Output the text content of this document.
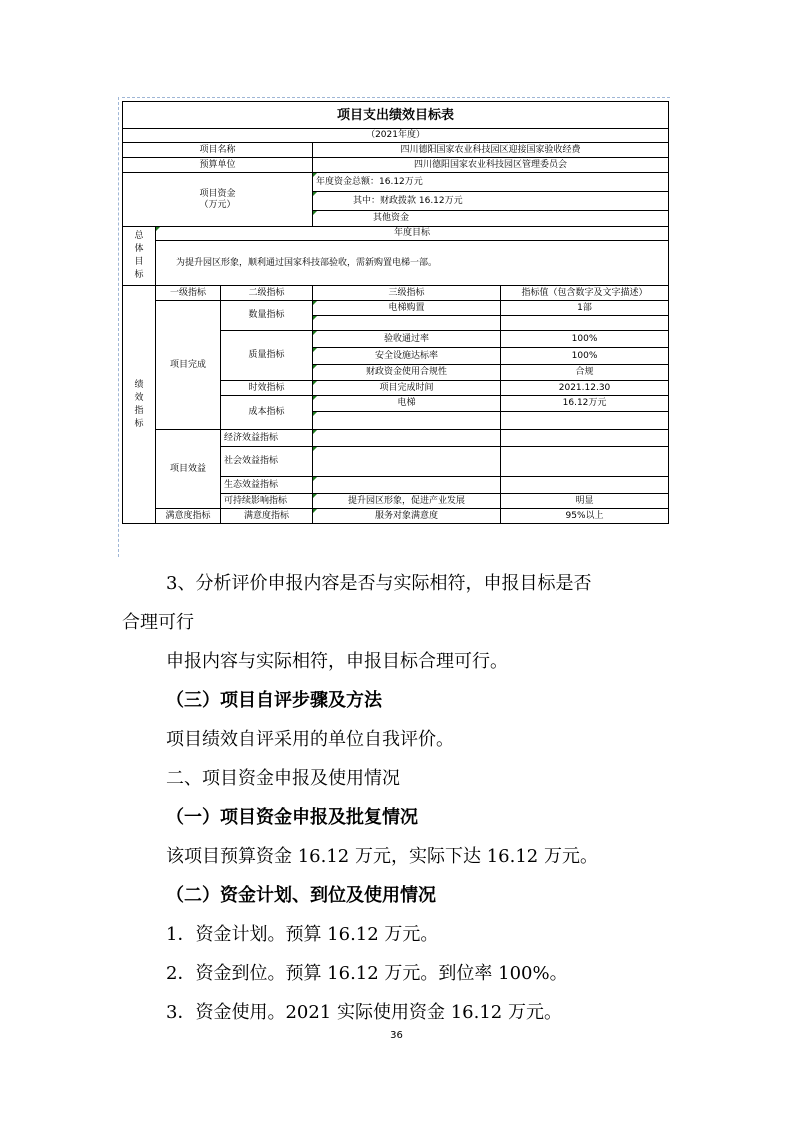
项目支出绩效目标表				
（2021年度）				
项目名称			四川德阳国家农业科技园区迎接国家验收经费	
预算单位			四川德阳国家农业科技园区管理委员会	

项目资金
（万元）			年度资金总额：16.12万元	
			其中：财政拨款 16.12万元	
			其他资金	

总
体
目
标	年度目标			
	为提升园区形象，顺利通过国家科技部验收，需新购置电梯一部。			

绩
效
指
标	一级指标	二级指标	三级指标	指标值（包含数字及文字描述）
	项目完成	数量指标	电梯购置	1部

		质量指标	验收通过率	100%
			安全设施达标率	100%
			财政资金使用合规性	合规
		时效指标	项目完成时间	2021.12.30
		成本指标	电梯	16.12万元

	项目效益	经济效益指标		
		社会效益指标		
		生态效益指标		
		可持续影响指标	提升园区形象，促进产业发展	明显
	满意度指标	满意度指标	服务对象满意度	95%以上
3、分析评价申报内容是否与实际相符，申报目标是否
合理可行
申报内容与实际相符，申报目标合理可行。
（三）项目自评步骤及方法
项目绩效自评采用的单位自我评价。
二、项目资金申报及使用情况
（一）项目资金申报及批复情况
该项目预算资金 16.12 万元，实际下达 16.12 万元。
（二）资金计划、到位及使用情况
1．资金计划。预算 16.12 万元。
2．资金到位。预算 16.12 万元。到位率 100%。
3．资金使用。2021 实际使用资金 16.12 万元。
36
